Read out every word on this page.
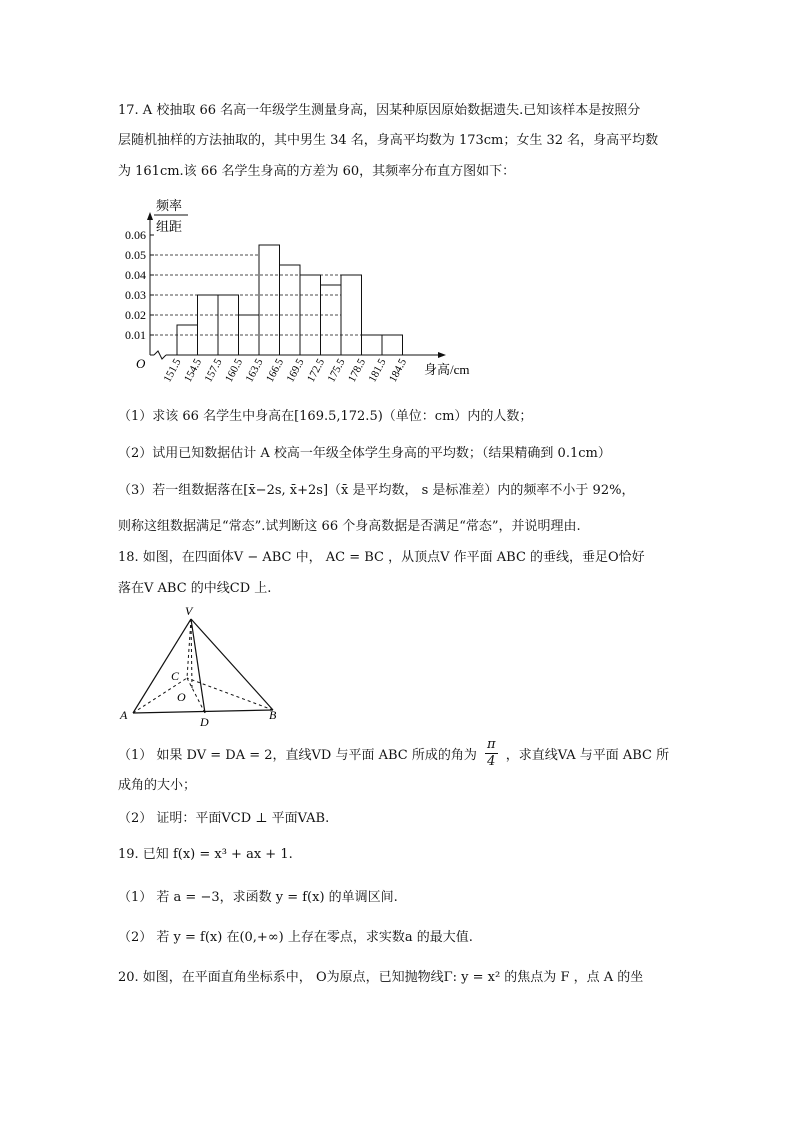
17. A 校抽取 66 名高一年级学生测量身高，因某种原因原始数据遗失.已知该样本是按照分
层随机抽样的方法抽取的，其中男生 34 名，身高平均数为 173cm；女生 32 名，身高平均数
为 161cm.该 66 名学生身高的方差为 60，其频率分布直方图如下：
频率
组距
O	身高/cm
0.01
0.02
0.03
0.04
0.05
0.06
151.5
154.5
157.5
160.5
163.5
166.5
169.5
172.5
175.5
178.5
181.5
184.5
（1）求该 66 名学生中身高在[169.5,172.5)（单位：cm）内的人数；
（2）试用已知数据估计 A 校高一年级全体学生身高的平均数；（结果精确到 0.1cm）
（3）若一组数据落在[x̄−2s, x̄+2s]（x̄ 是平均数， s 是标准差）内的频率不小于 92%，
则称这组数据满足“常态”.试判断这 66 个身高数据是否满足“常态”，并说明理由.
18. 如图，在四面体V − ABC 中， AC = BC ，从顶点V 作平面 ABC 的垂线，垂足O恰好
落在V ABC 的中线CD 上.
V
A	B
C
O
D
（1） 如果 DV = DA = 2，直线VD 与平面 ABC 所成的角为 $\frac{\pi}{4}$ ，求直线VA 与平面 ABC 所
成角的大小；
（2） 证明：平面VCD ⊥ 平面VAB.
19. 已知 f(x) = x³ + ax + 1.
（1） 若 a = −3，求函数 y = f(x) 的单调区间.
（2） 若 y = f(x) 在(0,+∞) 上存在零点，求实数a 的最大值.
20. 如图，在平面直角坐标系中， O为原点，已知抛物线Γ: y = x² 的焦点为 F ，点 A 的坐
